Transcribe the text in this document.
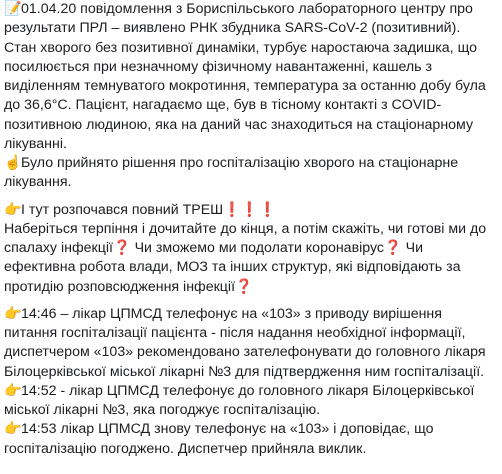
📝01.04.20 повідомлення з Бориспільського лабораторного центру про результати ПРЛ – виявлено РНК збудника SARS-CoV-2 (позитивний). Стан хворого без позитивної динаміки, турбує наростаюча задишка, що посилюється при незначному фізичному навантаженні, кашель з виділенням темнуватого мокротиння, температура за останню добу була до 36,6°С. Пацієнт, нагадаємо ще, був в тісному контакті з COVID-позитивною людиною, яка на даний час знаходиться на стаціонарному лікуванні.
☝Було прийнято рішення про госпіталізацію хворого на стаціонарне лікування.
👉І тут розпочався повний ТРЕШ❗❗❗
Наберіться терпіння і дочитайте до кінця, а потім скажіть, чи готові ми до спалаху інфекції❓ Чи зможемо ми подолати коронавірус❓ Чи ефективна робота влади, МОЗ та інших структур, які відповідають за протидію розповсюдження інфекції❓
👉14:46 – лікар ЦПМСД телефонує на «103» з приводу вирішення питання госпіталізації пацієнта - після надання необхідної інформації, диспетчером «103» рекомендовано зателефонувати до головного лікаря Білоцерківської міської лікарні №3 для підтвердження ним госпіталізації.
👉14:52 - лікар ЦПМСД телефонує до головного лікаря Білоцерківської міської лікарні №3, яка погоджує госпіталізацію.
👉14:53 лікар ЦПМСД знову телефонує на «103» і доповідає, що госпіталізацію погоджено. Диспетчер прийняла виклик.
